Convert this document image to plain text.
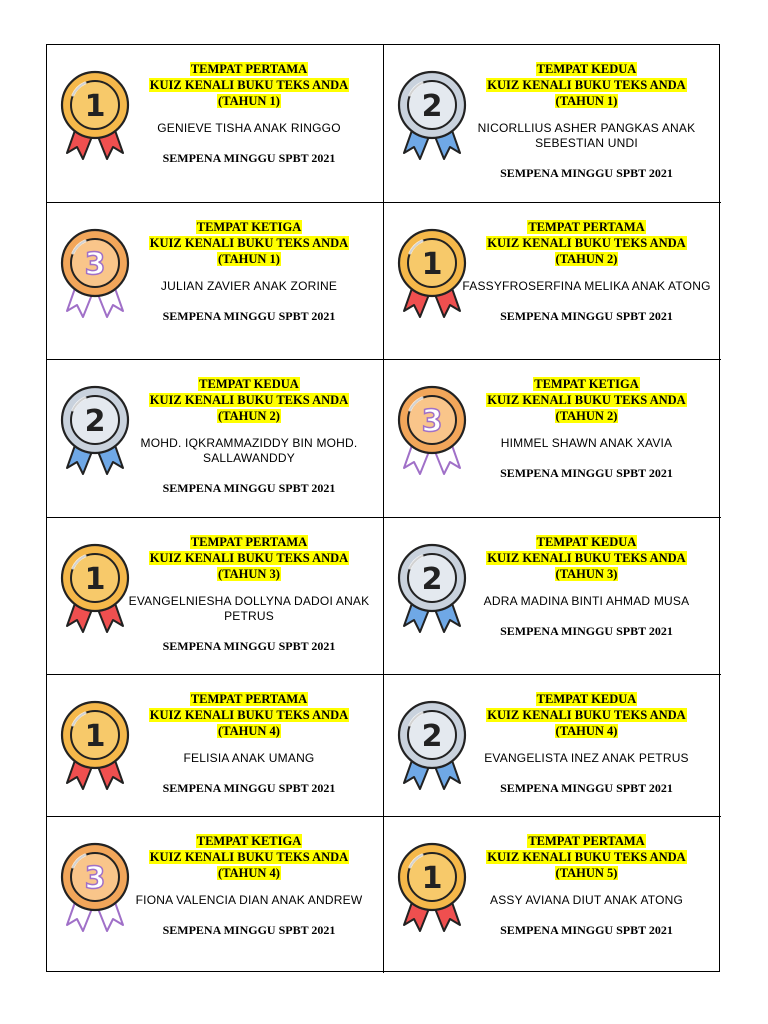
1
TEMPAT PERTAMA
KUIZ KENALI BUKU TEKS ANDA
(TAHUN 1)
GENIEVE TISHA ANAK RINGGO
SEMPENA MINGGU SPBT 2021
2
TEMPAT KEDUA
KUIZ KENALI BUKU TEKS ANDA
(TAHUN 1)
NICORLLIUS ASHER PANGKAS ANAK SEBESTIAN UNDI
SEMPENA MINGGU SPBT 2021
3
TEMPAT KETIGA
KUIZ KENALI BUKU TEKS ANDA
(TAHUN 1)
JULIAN ZAVIER ANAK ZORINE
SEMPENA MINGGU SPBT 2021
1
TEMPAT PERTAMA
KUIZ KENALI BUKU TEKS ANDA
(TAHUN 2)
FASSYFROSERFINA MELIKA ANAK ATONG
SEMPENA MINGGU SPBT 2021
2
TEMPAT KEDUA
KUIZ KENALI BUKU TEKS ANDA
(TAHUN 2)
MOHD. IQKRAMMAZIDDY BIN MOHD. SALLAWANDDY
SEMPENA MINGGU SPBT 2021
3
TEMPAT KETIGA
KUIZ KENALI BUKU TEKS ANDA
(TAHUN 2)
HIMMEL SHAWN ANAK XAVIA
SEMPENA MINGGU SPBT 2021
1
TEMPAT PERTAMA
KUIZ KENALI BUKU TEKS ANDA
(TAHUN 3)
EVANGELNIESHA DOLLYNA DADOI ANAK PETRUS
SEMPENA MINGGU SPBT 2021
2
TEMPAT KEDUA
KUIZ KENALI BUKU TEKS ANDA
(TAHUN 3)
ADRA MADINA BINTI AHMAD MUSA
SEMPENA MINGGU SPBT 2021
1
TEMPAT PERTAMA
KUIZ KENALI BUKU TEKS ANDA
(TAHUN 4)
FELISIA ANAK UMANG
SEMPENA MINGGU SPBT 2021
2
TEMPAT KEDUA
KUIZ KENALI BUKU TEKS ANDA
(TAHUN 4)
EVANGELISTA INEZ ANAK PETRUS
SEMPENA MINGGU SPBT 2021
3
TEMPAT KETIGA
KUIZ KENALI BUKU TEKS ANDA
(TAHUN 4)
FIONA VALENCIA DIAN ANAK ANDREW
SEMPENA MINGGU SPBT 2021
1
TEMPAT PERTAMA
KUIZ KENALI BUKU TEKS ANDA
(TAHUN 5)
ASSY AVIANA DIUT ANAK ATONG
SEMPENA MINGGU SPBT 2021
